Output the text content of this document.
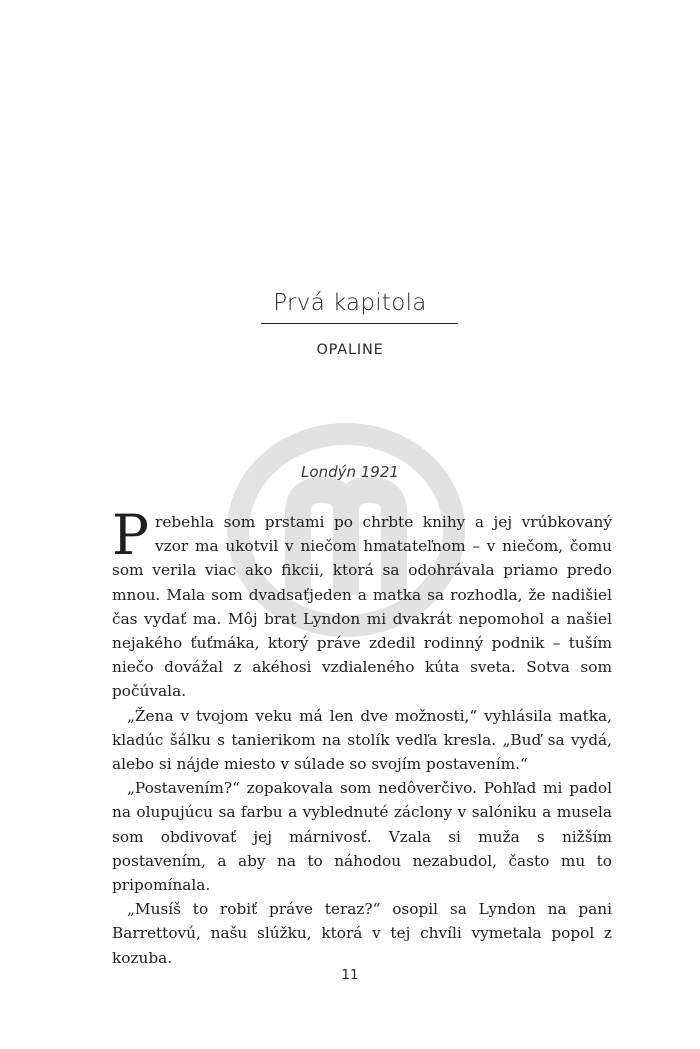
Prvá kapitola
OPALINE
Londýn 1921

Prebehla som prstami po chrbte knihy a jej vrúbkovaný vzor ma ukotvil v niečom hmatateľnom – v niečom, čomu som verila viac ako fikcii, ktorá sa odohrávala priamo predo mnou. Mala som dvadsaťjeden a matka sa rozhodla, že nadišiel čas vydať ma. Môj brat Lyndon mi dvakrát nepomohol a našiel nejakého ťuťmáka, ktorý práve zdedil rodinný podnik – tuším niečo dovážal z akéhosi vzdialeného kúta sveta. Sotva som počúvala.

„Žena v tvojom veku má len dve možnosti,“ vyhlásila matka, kladúc šálku s tanierikom na stolík vedľa kresla. „Buď sa vydá, alebo si nájde miesto v súlade so svojím postavením.“

„Postavením?“ zopakovala som nedôverčivo. Pohľad mi padol na olupujúcu sa farbu a vyblednuté záclony v salóniku a musela som obdivovať jej márnivosť. Vzala si muža s nižším postavením, a aby na to náhodou nezabudol, často mu to pripomínala.

„Musíš to robiť práve teraz?“ osopil sa Lyndon na pani Barrettovú, našu slúžku, ktorá v tej chvíli vymetala popol z kozuba.

11
